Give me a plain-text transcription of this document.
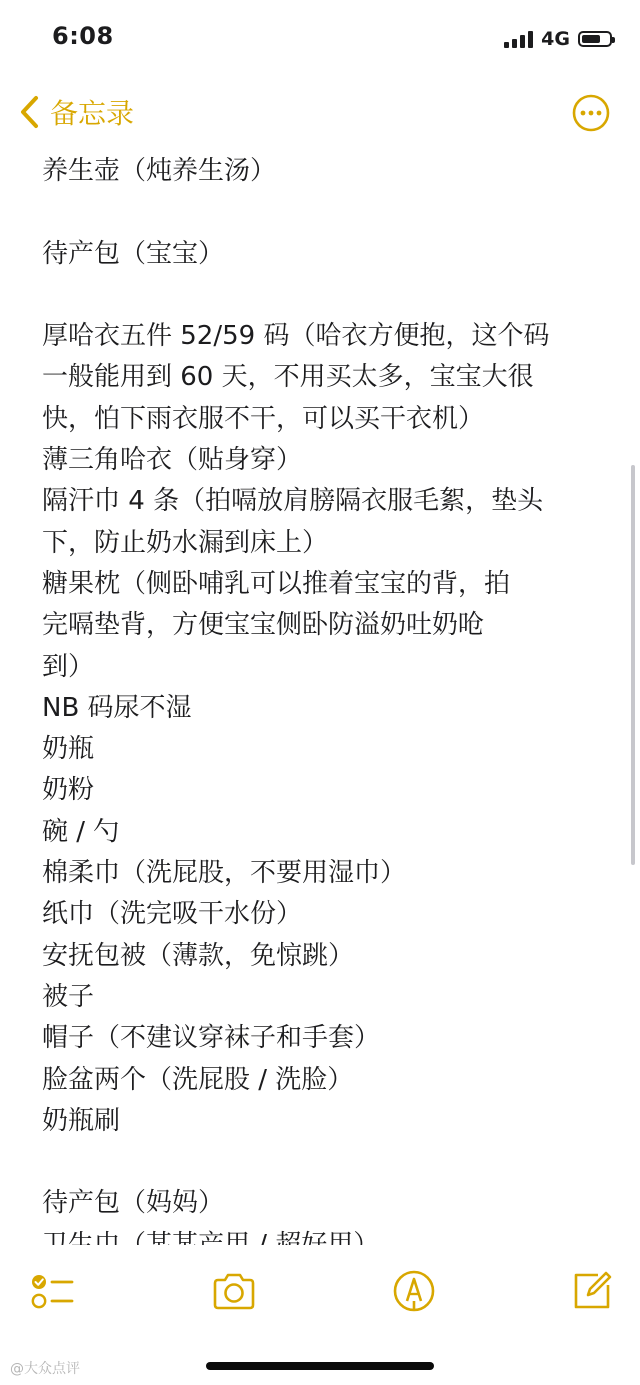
6:08	4G
备忘录
养生壶（炖养生汤）
待产包（宝宝）
厚哈衣五件 52/59 码（哈衣方便抱，这个码
一般能用到 60 天，不用买太多，宝宝大很
快，怕下雨衣服不干，可以买干衣机）
薄三角哈衣（贴身穿）
隔汗巾 4 条（拍嗝放肩膀隔衣服毛絮，垫头
下，防止奶水漏到床上）
糖果枕（侧卧哺乳可以推着宝宝的背，拍
完嗝垫背，方便宝宝侧卧防溢奶吐奶呛
到）
NB 码尿不湿
奶瓶
奶粉
碗 / 勺
棉柔巾（洗屁股，不要用湿巾）
纸巾（洗完吸干水份）
安抚包被（薄款，免惊跳）
被子
帽子（不建议穿袜子和手套）
脸盆两个（洗屁股 / 洗脸）
奶瓶刷
待产包（妈妈）
@大众点评
